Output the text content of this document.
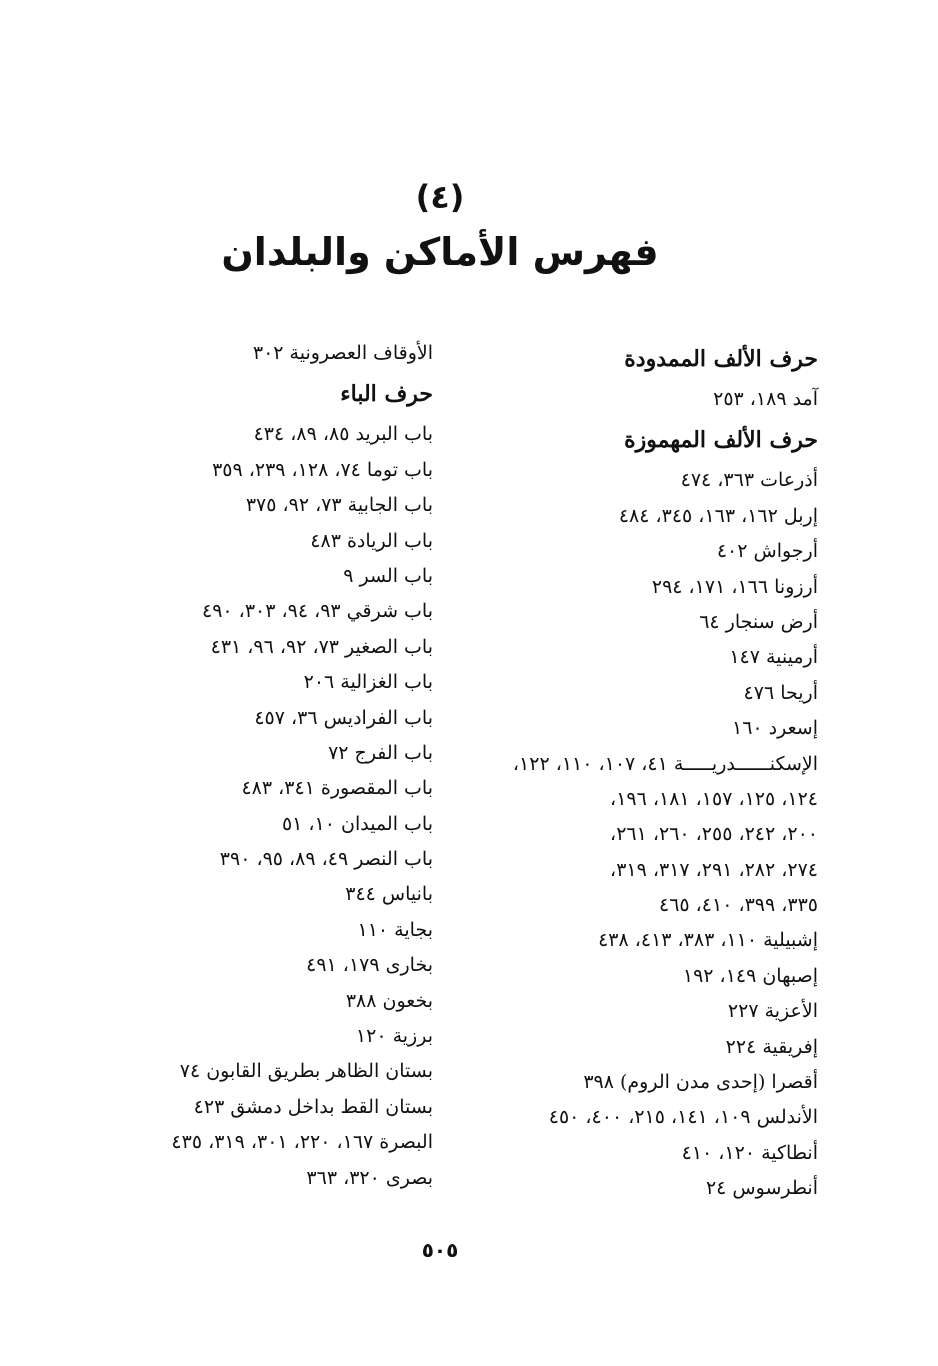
(٤)
فهرس الأماكن والبلدان
حرف الألف الممدودة
آمد ١٨٩، ٢٥٣
حرف الألف المهموزة
أذرعات ٣٦٣، ٤٧٤
إربل ١٦٢، ١٦٣، ٣٤٥، ٤٨٤
أرجواش ٤٠٢
أرزونا ١٦٦، ١٧١، ٢٩٤
أرض سنجار ٦٤
أرمينية ١٤٧
أريحا ٤٧٦
إسعرد ١٦٠
الإسكنــــــدريـــــة ٤١، ١٠٧، ١١٠، ١٢٢،
١٢٤، ١٢٥، ١٥٧، ١٨١، ١٩٦،
٢٠٠، ٢٤٢، ٢٥٥، ٢٦٠، ٢٦١،
٢٧٤، ٢٨٢، ٢٩١، ٣١٧، ٣١٩،
٣٣٥، ٣٩٩، ٤١٠، ٤٦٥
إشبيلية ١١٠، ٣٨٣، ٤١٣، ٤٣٨
إصبهان ١٤٩، ١٩٢
الأعزية ٢٢٧
إفريقية ٢٢٤
أقصرا (إحدى مدن الروم) ٣٩٨
الأندلس ١٠٩، ١٤١، ٢١٥، ٤٠٠، ٤٥٠
أنطاكية ١٢٠، ٤١٠
أنطرسوس ٢٤
الأوقاف العصرونية ٣٠٢
حرف الباء
باب البريد ٨٥، ٨٩، ٤٣٤
باب توما ٧٤، ١٢٨، ٢٣٩، ٣٥٩
باب الجابية ٧٣، ٩٢، ٣٧٥
باب الريادة ٤٨٣
باب السر ٩
باب شرقي ٩٣، ٩٤، ٣٠٣، ٤٩٠
باب الصغير ٧٣، ٩٢، ٩٦، ٤٣١
باب الغزالية ٢٠٦
باب الفراديس ٣٦، ٤٥٧
باب الفرج ٧٢
باب المقصورة ٣٤١، ٤٨٣
باب الميدان ١٠، ٥١
باب النصر ٤٩، ٨٩، ٩٥، ٣٩٠
بانياس ٣٤٤
بجاية ١١٠
بخارى ١٧٩، ٤٩١
بخعون ٣٨٨
برزية ١٢٠
بستان الظاهر بطريق القابون ٧٤
بستان القط بداخل دمشق ٤٢٣
البصرة ١٦٧، ٢٢٠، ٣٠١، ٣١٩، ٤٣٥
بصرى ٣٢٠، ٣٦٣
٥٠٥
